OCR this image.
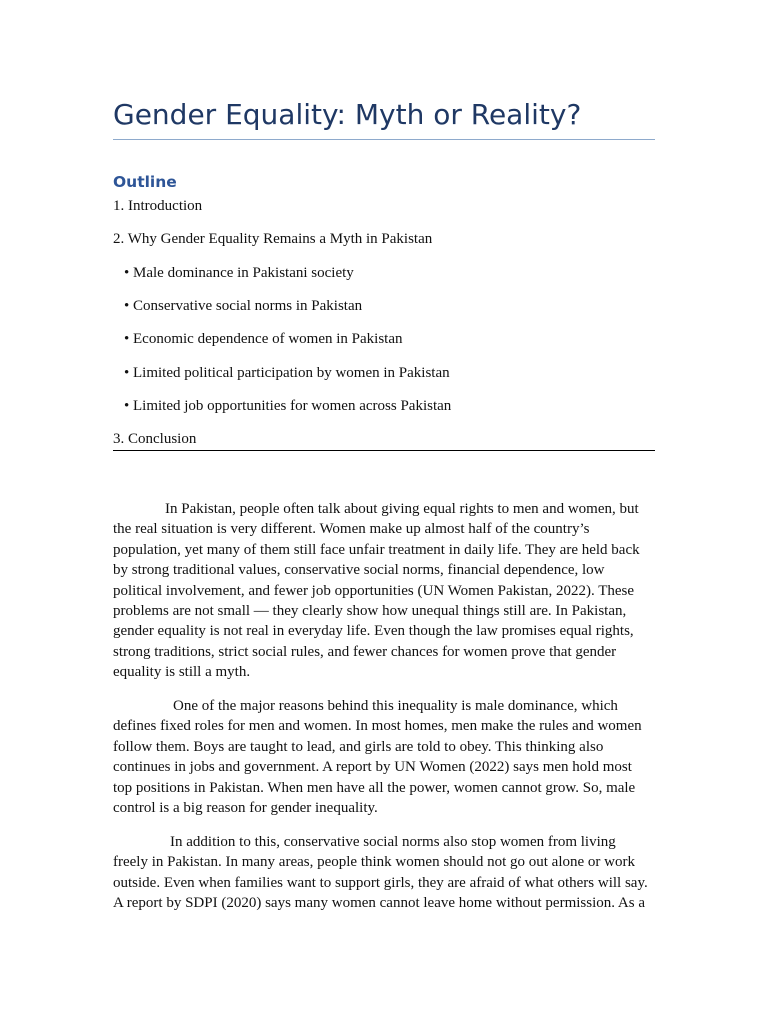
Gender Equality: Myth or Reality?
Outline
1. Introduction
2. Why Gender Equality Remains a Myth in Pakistan
• Male dominance in Pakistani society
• Conservative social norms in Pakistan
• Economic dependence of women in Pakistan
• Limited political participation by women in Pakistan
• Limited job opportunities for women across Pakistan
3. Conclusion
In Pakistan, people often talk about giving equal rights to men and women, but
the real situation is very different. Women make up almost half of the country’s
population, yet many of them still face unfair treatment in daily life. They are held back
by strong traditional values, conservative social norms, financial dependence, low
political involvement, and fewer job opportunities (UN Women Pakistan, 2022). These
problems are not small — they clearly show how unequal things still are. In Pakistan,
gender equality is not real in everyday life. Even though the law promises equal rights,
strong traditions, strict social rules, and fewer chances for women prove that gender
equality is still a myth.
One of the major reasons behind this inequality is male dominance, which
defines fixed roles for men and women. In most homes, men make the rules and women
follow them. Boys are taught to lead, and girls are told to obey. This thinking also
continues in jobs and government. A report by UN Women (2022) says men hold most
top positions in Pakistan. When men have all the power, women cannot grow. So, male
control is a big reason for gender inequality.
In addition to this, conservative social norms also stop women from living
freely in Pakistan. In many areas, people think women should not go out alone or work
outside. Even when families want to support girls, they are afraid of what others will say.
A report by SDPI (2020) says many women cannot leave home without permission. As a
